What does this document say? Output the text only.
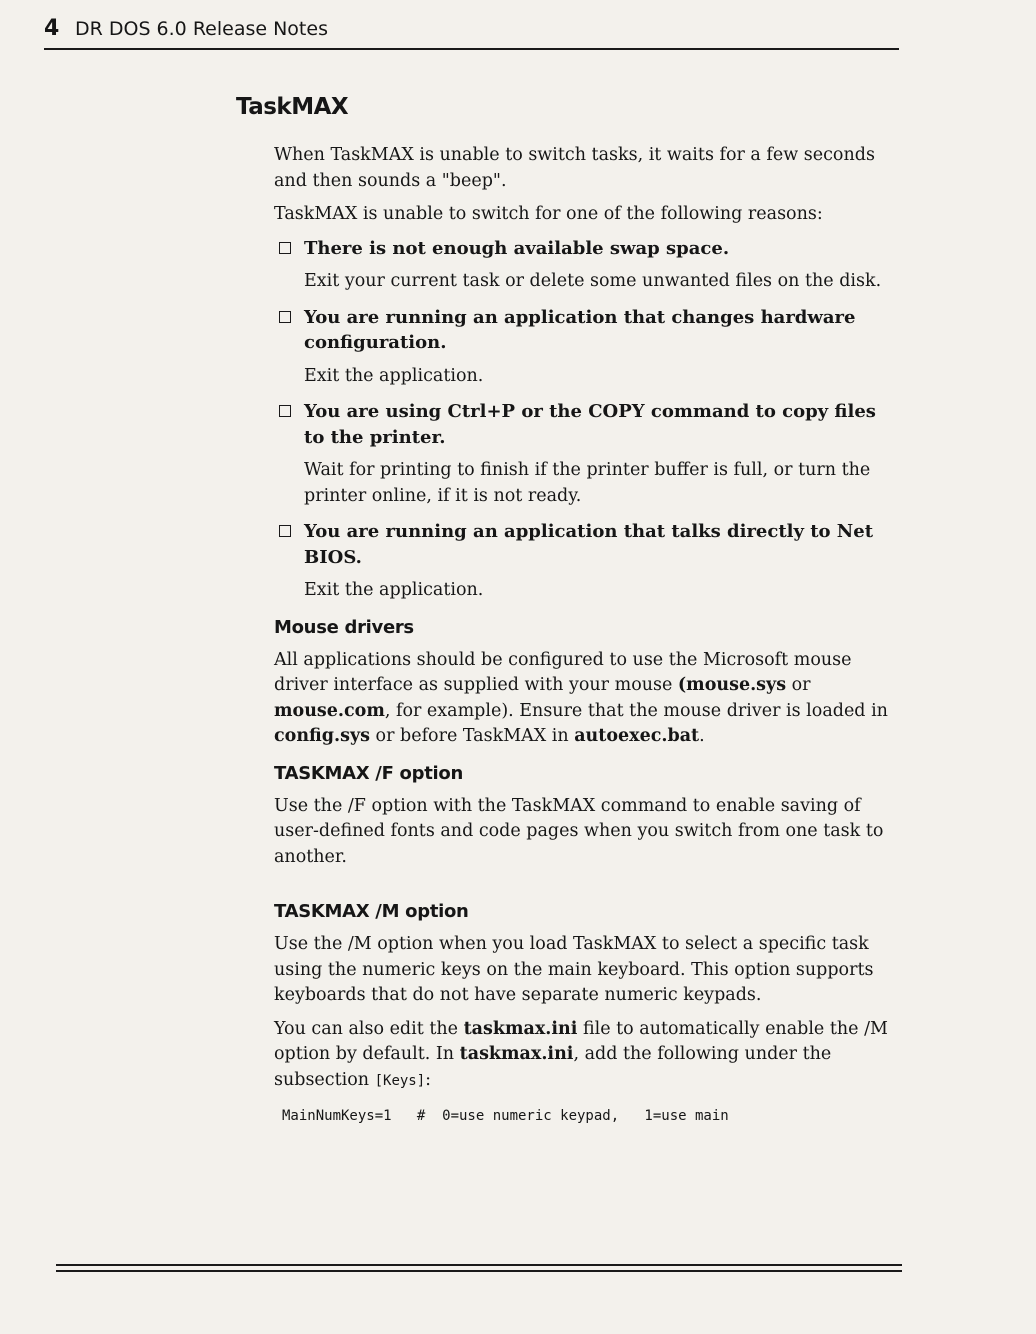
4 DR DOS 6.0 Release Notes
TaskMAX

When TaskMAX is unable to switch tasks, it waits for a few seconds and then sounds a "beep".

TaskMAX is unable to switch for one of the following reasons:

There is not enough available swap space.

Exit your current task or delete some unwanted files on the disk.

You are running an application that changes hardware configuration.

Exit the application.

You are using Ctrl+P or the COPY command to copy files to the printer.

Wait for printing to finish if the printer buffer is full, or turn the printer online, if it is not ready.

You are running an application that talks directly to Net BIOS.

Exit the application.

Mouse drivers

All applications should be configured to use the Microsoft mouse driver interface as supplied with your mouse (mouse.sys or mouse.com, for example). Ensure that the mouse driver is loaded in config.sys or before TaskMAX in autoexec.bat.

TASKMAX /F option

Use the /F option with the TaskMAX command to enable saving of user-defined fonts and code pages when you switch from one task to another.

TASKMAX /M option

Use the /M option when you load TaskMAX to select a specific task using the numeric keys on the main keyboard. This option supports keyboards that do not have separate numeric keypads.

You can also edit the taskmax.ini file to automatically enable the /M option by default. In taskmax.ini, add the following under the subsection [Keys]:

MainNumKeys=1   #  0=use numeric keypad,   1=use main
